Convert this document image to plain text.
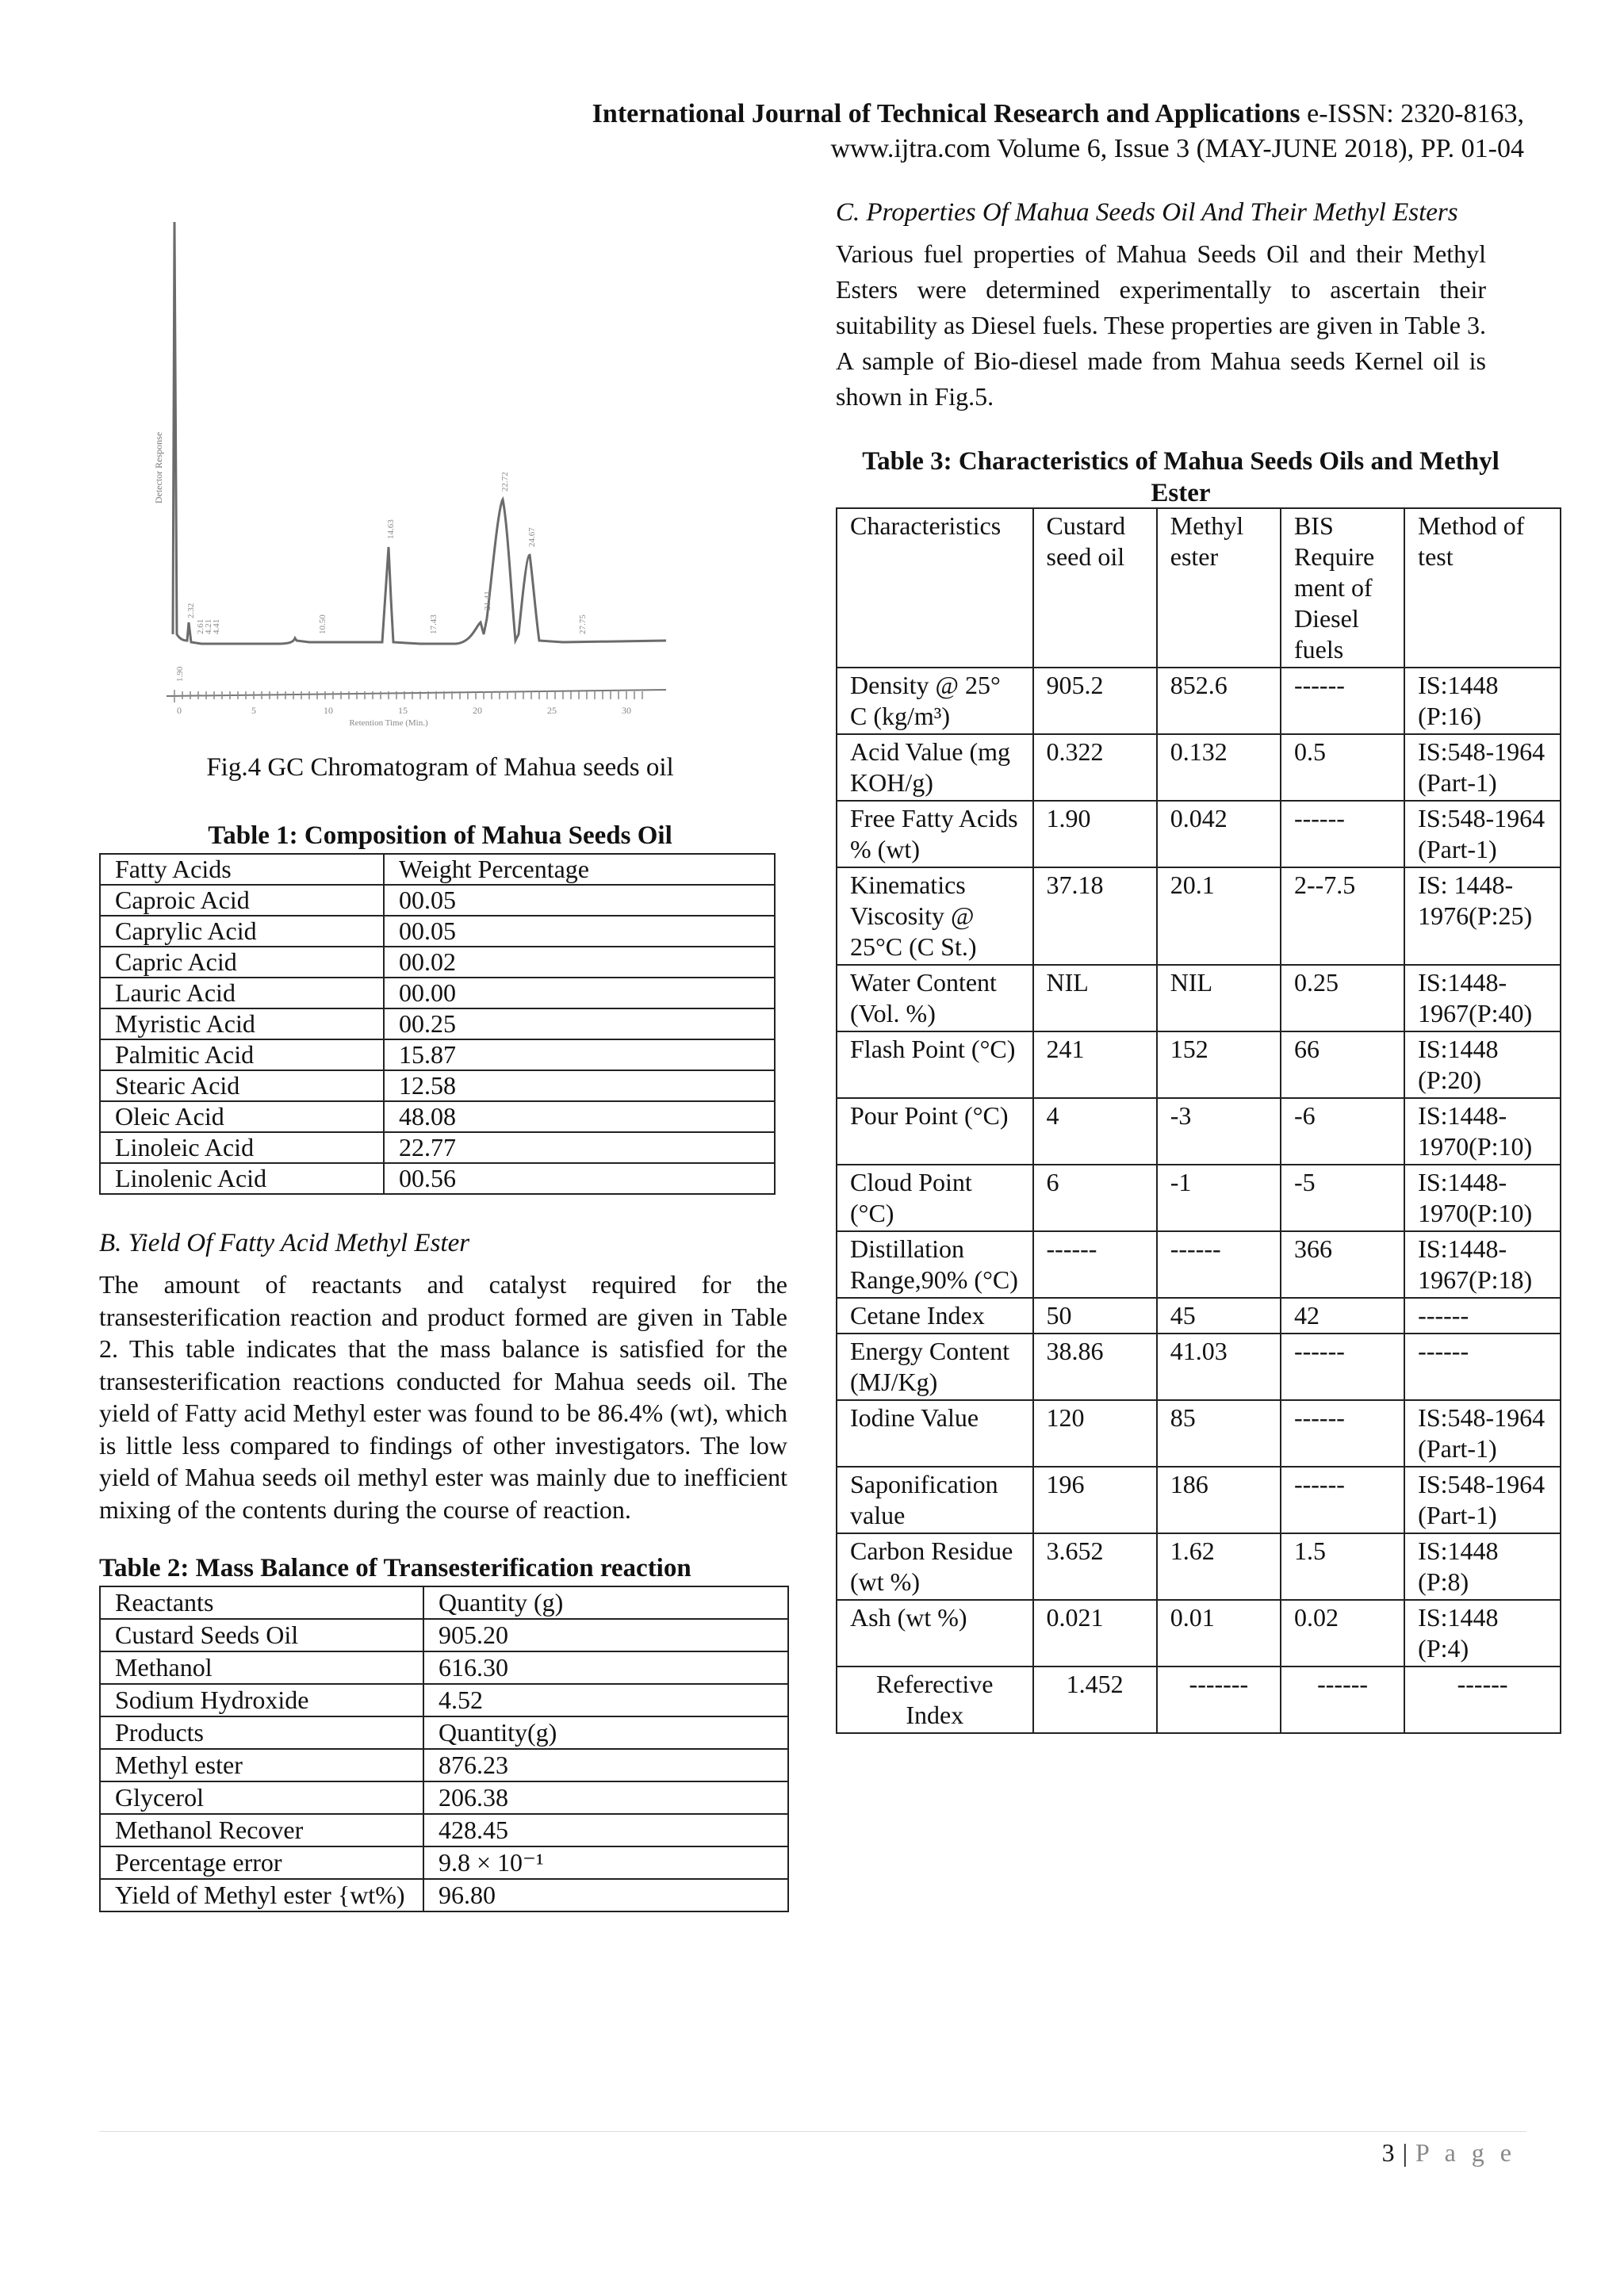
International Journal of Technical Research and Applications e-ISSN: 2320-8163,
www.ijtra.com Volume 6, Issue 3 (MAY-JUNE 2018), PP. 01-04
Detector Response
0	5	10	15	20	25	30
Retention Time (Min.)
1.90
2.32
2.61
4.21
4.41	10.50
14.63
17.43
21.41
22.72
24.67
27.75
Fig.4 GC Chromatogram of Mahua seeds oil
Table 1: Composition of Mahua Seeds Oil
Fatty Acids	Weight Percentage
Caproic Acid	00.05
Caprylic Acid	00.05
Capric Acid	00.02
Lauric Acid	00.00
Myristic Acid	00.25
Palmitic Acid	15.87
Stearic Acid	12.58
Oleic Acid	48.08
Linoleic Acid	22.77
Linolenic Acid	00.56
B. Yield Of Fatty Acid Methyl Ester
The amount of reactants and catalyst required for the transesterification reaction and product formed are given in Table 2. This table indicates that the mass balance is satisfied for the transesterification reactions conducted for Mahua seeds oil. The yield of Fatty acid Methyl ester was found to be 86.4% (wt), which is little less compared to findings of other investigators. The low yield of Mahua seeds oil methyl ester was mainly due to inefficient mixing of the contents during the course of reaction.
Table 2: Mass Balance of Transesterification reaction
Reactants	Quantity (g)
Custard Seeds Oil	905.20
Methanol	616.30
Sodium Hydroxide	4.52
Products	Quantity(g)
Methyl ester	876.23
Glycerol	206.38
Methanol Recover	428.45
Percentage error	9.8 × 10⁻¹
Yield of Methyl ester {wt%)	96.80
C. Properties Of Mahua Seeds Oil And Their Methyl Esters
Various fuel properties of Mahua Seeds Oil and their Methyl Esters were determined experimentally to ascertain their suitability as Diesel fuels. These properties are given in Table 3. A sample of Bio-diesel made from Mahua seeds Kernel oil is shown in Fig.5.
Table 3: Characteristics of Mahua Seeds Oils and Methyl Ester
Characteristics	Custard seed oil	Methyl ester	BIS Require ment of Diesel fuels	Method of test
Density @ 25° C (kg/m³)	905.2	852.6	------	IS:1448 (P:16)
Acid Value (mg KOH/g)	0.322	0.132	0.5	IS:548-1964 (Part-1)
Free Fatty Acids % (wt)	1.90	0.042	------	IS:548-1964 (Part-1)
Kinematics Viscosity @ 25°C (C St.)	37.18	20.1	2--7.5	IS: 1448-1976(P:25)
Water Content (Vol. %)	NIL	NIL	0.25	IS:1448-1967(P:40)
Flash Point (°C)	241	152	66	IS:1448 (P:20)
Pour Point (°C)	4	-3	-6	IS:1448-1970(P:10)
Cloud Point (°C)	6	-1	-5	IS:1448-1970(P:10)
Distillation Range,90% (°C)	------	------	366	IS:1448-1967(P:18)
Cetane Index	50	45	42	------
Energy Content (MJ/Kg)	38.86	41.03	------	------
Iodine Value	120	85	------	IS:548-1964 (Part-1)
Saponification value	196	186	------	IS:548-1964 (Part-1)
Carbon Residue (wt %)	3.652	1.62	1.5	IS:1448 (P:8)
Ash (wt %)	0.021	0.01	0.02	IS:1448 (P:4)
Referective Index	1.452	-------	------	------
3 | P a g e
